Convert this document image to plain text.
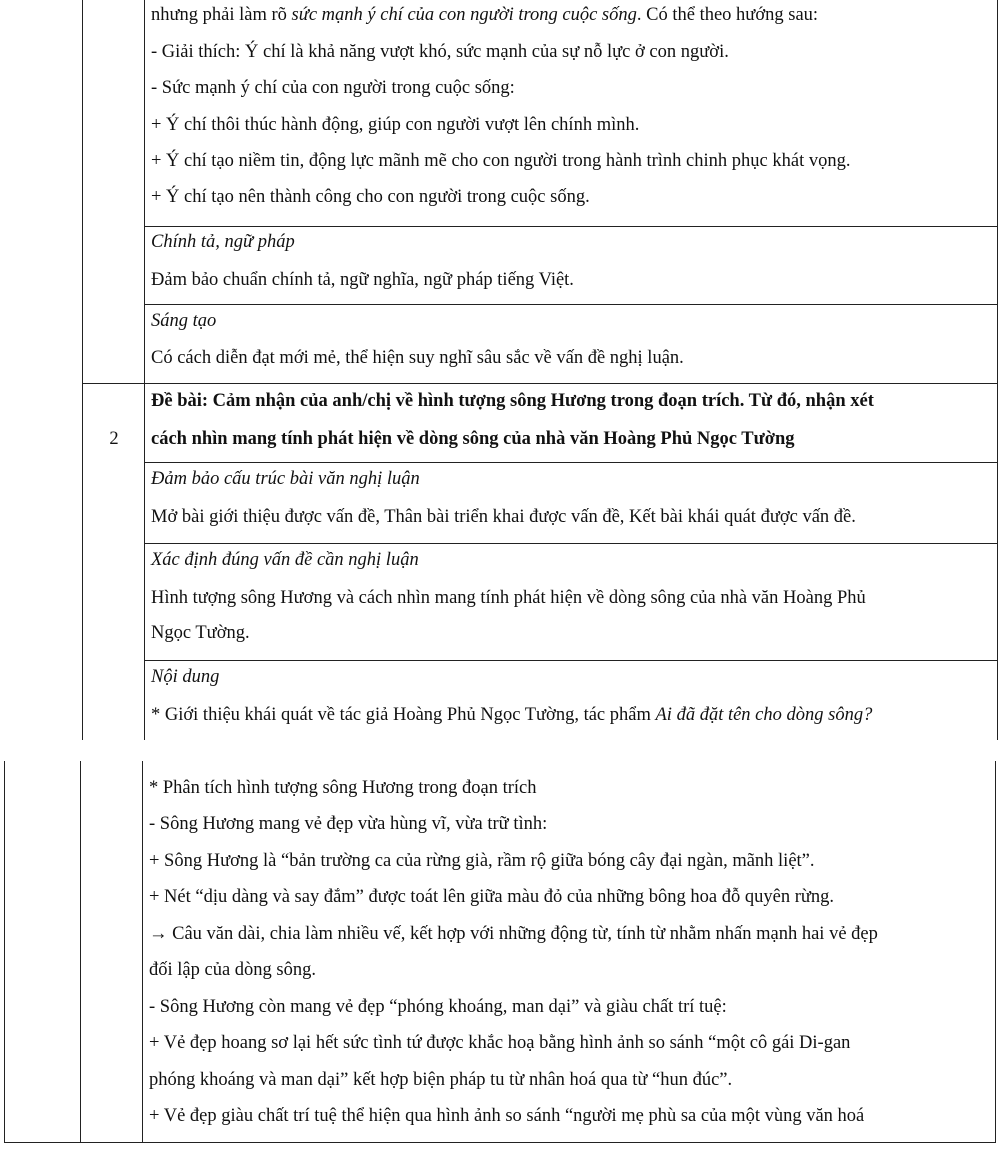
nhưng phải làm rõ sức mạnh ý chí của con người trong cuộc sống. Có thể theo hướng sau:
- Giải thích: Ý chí là khả năng vượt khó, sức mạnh của sự nỗ lực ở con người.
- Sức mạnh ý chí của con người trong cuộc sống:
+ Ý chí thôi thúc hành động, giúp con người vượt lên chính mình.
+ Ý chí tạo niềm tin, động lực mãnh mẽ cho con người trong hành trình chinh phục khát vọng.
+ Ý chí tạo nên thành công cho con người trong cuộc sống.
Chính tả, ngữ pháp
Đảm bảo chuẩn chính tả, ngữ nghĩa, ngữ pháp tiếng Việt.
Sáng tạo
Có cách diễn đạt mới mẻ, thể hiện suy nghĩ sâu sắc về vấn đề nghị luận.
2
Đề bài: Cảm nhận của anh/chị về hình tượng sông Hương trong đoạn trích. Từ đó, nhận xét
cách nhìn mang tính phát hiện về dòng sông của nhà văn Hoàng Phủ Ngọc Tường
Đảm bảo cấu trúc bài văn nghị luận
Mở bài giới thiệu được vấn đề, Thân bài triển khai được vấn đề, Kết bài khái quát được vấn đề.
Xác định đúng vấn đề cần nghị luận
Hình tượng sông Hương và cách nhìn mang tính phát hiện về dòng sông của nhà văn Hoàng Phủ
Ngọc Tường.
Nội dung
* Giới thiệu khái quát về tác giả Hoàng Phủ Ngọc Tường, tác phẩm Ai đã đặt tên cho dòng sông?
* Phân tích hình tượng sông Hương trong đoạn trích
- Sông Hương mang vẻ đẹp vừa hùng vĩ, vừa trữ tình:
+ Sông Hương là “bản trường ca của rừng già, rầm rộ giữa bóng cây đại ngàn, mãnh liệt”.
+ Nét “dịu dàng và say đắm” được toát lên giữa màu đỏ của những bông hoa đỗ quyên rừng.
→ Câu văn dài, chia làm nhiều vế, kết hợp với những động từ, tính từ nhằm nhấn mạnh hai vẻ đẹp
đối lập của dòng sông.
- Sông Hương còn mang vẻ đẹp “phóng khoáng, man dại” và giàu chất trí tuệ:
+ Vẻ đẹp hoang sơ lại hết sức tình tứ được khắc hoạ bằng hình ảnh so sánh “một cô gái Di-gan
phóng khoáng và man dại” kết hợp biện pháp tu từ nhân hoá qua từ “hun đúc”.
+ Vẻ đẹp giàu chất trí tuệ thể hiện qua hình ảnh so sánh “người mẹ phù sa của một vùng văn hoá
